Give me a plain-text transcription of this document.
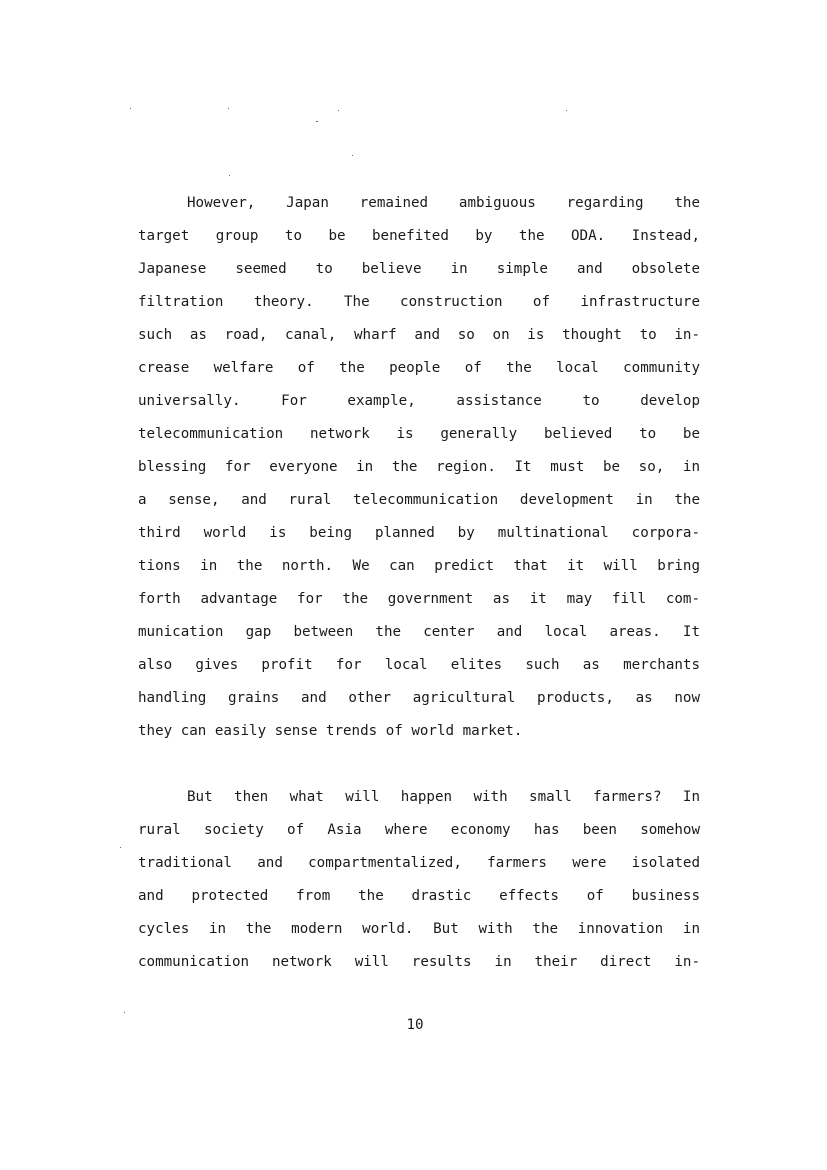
However, Japan remained ambiguous regarding the
target group to be benefited by the ODA. Instead,
Japanese seemed to believe in simple and obsolete
filtration theory. The construction of infrastructure
such as road, canal, wharf and so on is thought to in-
crease welfare of the people of the local community
universally. For example, assistance to develop
telecommunication network is generally believed to be
blessing for everyone in the region. It must be so, in
a sense, and rural telecommunication development in the
third world is being planned by multinational corpora-
tions in the north. We can predict that it will bring
forth advantage for the government as it may fill com-
munication gap between the center and local areas. It
also gives profit for local elites such as merchants
handling grains and other agricultural products, as now
they can easily sense trends of world market.
But then what will happen with small farmers? In
rural society of Asia where economy has been somehow
traditional and compartmentalized, farmers were isolated
and protected from the drastic effects of business
cycles in the modern world. But with the innovation in
communication network will results in their direct in-
10
